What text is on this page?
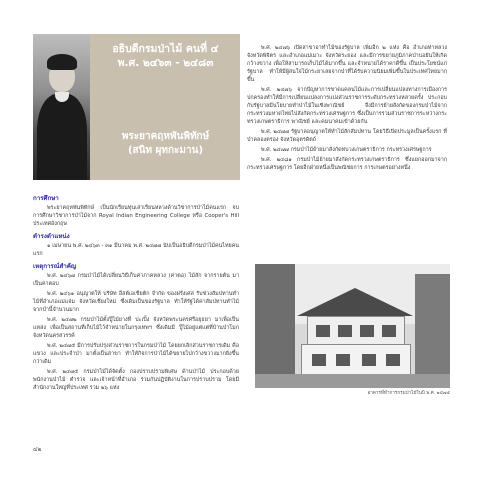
อธิบดีกรมป่าไม้ คนที่ ๔
พ.ศ. ๒๔๖๓ - ๒๔๘๓
พระยาคฤหพันพิทักษ์
(สนิท ผุทกะมาน)
การศึกษา
พระยาคฤหพันพิทักษ์ เป็นนักเรียนทุนเล่าเรียนหลวงด้านวิชาการป่าไม้คนแรก จบการศึกษาวิชาการป่าไม้จาก Royal Indian Engineering College หรือ Cooper's Hill ประเทศอังกฤษ
ดำรงตำแหน่ง
๑ เมษายน พ.ศ. ๒๔๖๓ - ๓๑ มีนาคม พ.ศ. ๒๔๗๗ นับเป็นอธิบดีกรมป่าไม้คนไทยคนแรก
เหตุการณ์สำคัญ
พ.ศ. ๒๔๖๗ กรมป่าไม้ได้เปลี่ยนวิธีเก็บค่าภาคหลวง (ค่าตอ) ไม้สัก จากรายต้น มาเป็นค่าตอบ
พ.ศ. ๒๔๖๑ อนุญาตให้ บริษัท อีสต์เอเชียติก จำกัด ของฝรั่งเศส รับช่วงสัมปทานทำไม้ที่อำเภอแม่แจ่ม จังหวัดเชียงใหม่ ซึ่งเดิมเป็นของรัฐบาล ทำให้รัฐได้ค่าสัมปทานทำไม้จากป่านี้จำนวนมาก
พ.ศ. ๒๔๗๒ กรมป่าไม้ตั้งปู๊ไม้ยางที่ ปะเปิ้ง จังหวัดพระนครศรีอยุธยา มาเพื่อเป็นแหล่ง เพื่อเป็นสถานที่เก็บไม้ไว้จำหน่ายในกรุงเทพฯ ซึ่งเดิมมี ปู๊ไม้อยู่แต่แต่ที่บ้านป่าโมก จังหวัดนครสวรรค์
พ.ศ. ๒๔๗๕ มีการปรับปรุงส่วนราชการในกรมป่าไม้ โดยยกเลิกส่วนราชการเดิม คือ แขวง และประจำป่า มาตั้งเป็นสาขา ทำให้กิจการป่าไม้ได้ขยายไปกว้างขวางมากยิ่งขึ้นกว่าเดิม
พ.ศ. ๒๔๗๕ กรมป่าไม้ได้จัดตั้ง กองปราบปรามพิเศษ ด้านป่าไม้ ประกอบด้วยพนักงานป่าไม้ ตำรวจ และเจ้าหน้าที่อำเภอ ร่วมกันปฏิบัติงานในการปราบปราม โดยมีสำนักงานใหญ่ที่ประเทศ รวม ๒๖ แห่ง
พ.ศ. ๒๔๗๖ เปิดสาขาอาทำไม้ของรัฐบาล เพิ่มอีก ๒ แห่ง คือ อำเภอท่าหลวง จังหวัดพิจิตร และอำเภอแม่เมาะ จังหวัดระยอง และมีการขยายภูมิภาคป่าบอยันให้เกิดกว้างขวาง เพื่อให้สามารถเก็บไม้ได้มากขึ้น และจำหน่ายได้ราคาดีขึ้น เป็นประโยชน์แก่รัฐบาล ทำให้มีผู้สนใจไม้กระยาเลยจากป่าที่ได้รับความนิยมเพิ่มขึ้นในประเทศไทยมากขึ้น
พ.ศ. ๒๔๗๖ จากปัญหาการขาดแคลนไม้และการเปลี่ยนแปลงทางการเมืองการปกครองทำให้มีการเปลี่ยนแปลงการแบ่งส่วนราชการระดับกระทรวงหลายครั้ง ประกอบกับรัฐบาลมีนโยบายทำป่าไม้ในเชิงพาณิชย์ จึงมีการย้ายสังกัดของกรมป่าไม้จากกระทรวงมหาดไทยไปสังกัดกระทรวงเศรษฐการ ซึ่งเป็นการรวมส่วนราชการระหว่างกระทรวงเกษตราธิการ พาณิชย์ และคมนาคมเข้าด้วยกัน
พ.ศ. ๒๔๗๗ รัฐบาลอนุญาตให้ทำไม้สักสัมปทาน โดยวิธีเปิดประมูลเป็นครั้งแรก ที่ป่าคลองตรอง จังหวัดอุตรดิตถ์
พ.ศ. ๒๔๗๗ กรมป่าไม้ย้ายมาสังกัดทบวงเกษตราธิการ กระทรวงเศรษฐการ
พ.ศ. ๒๔๘๑ กรมป่าไม้ย้ายมาสังกัดกระทรวงเกษตราธิการ ซึ่งแยกออกมาจากกระทรวงเศรษฐการ โดยอีกฝ่ายหนึ่งเป็นพณิชยการ การเกษตรอย่างหนึ่ง
อาคารที่ทำการกรมป่าไม้ในปี พ.ศ. ๒๔๗๕
๔๒
